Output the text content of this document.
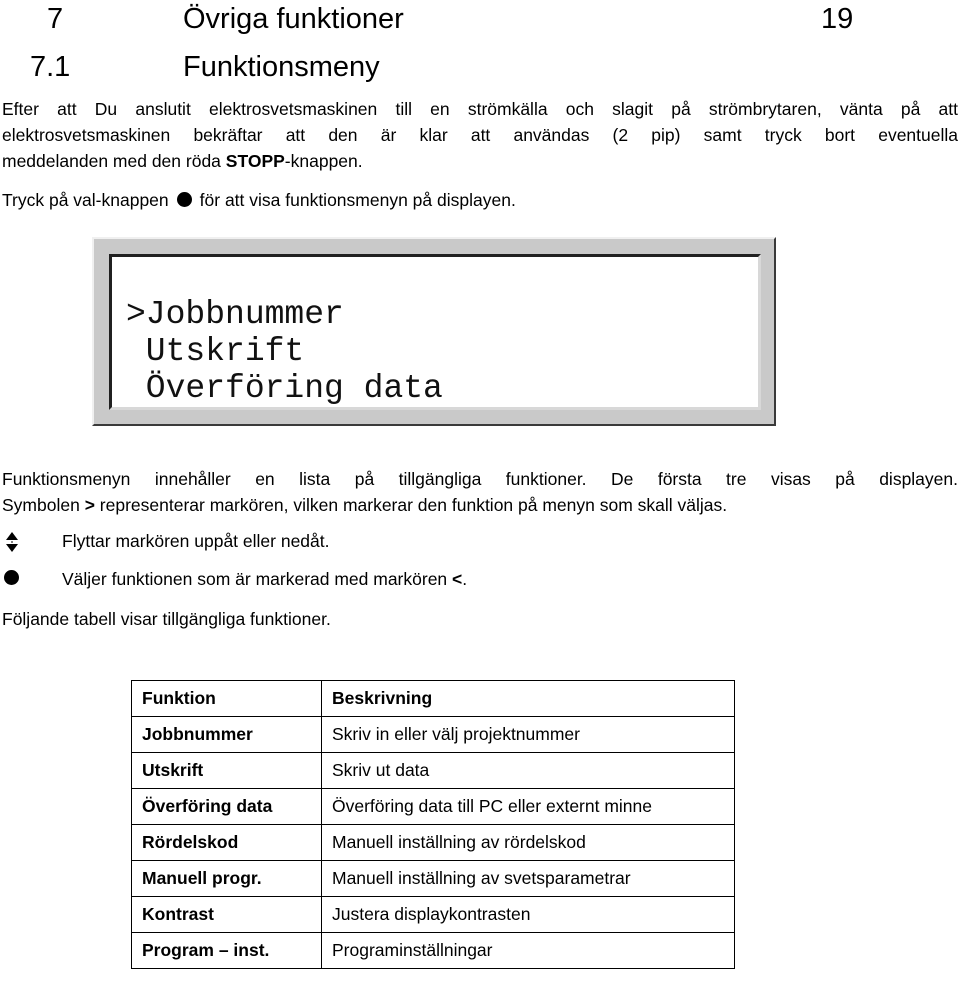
7	Övriga funktioner	19
7.1	Funktionsmeny
Efter att Du anslutit elektrosvetsmaskinen till en strömkälla och slagit på strömbrytaren, vänta på att
elektrosvetsmaskinen bekräftar att den är klar att användas (2 pip) samt tryck bort eventuella
meddelanden med den röda STOPP-knappen.
Tryck på val-knappen för att visa funktionsmenyn på displayen.
>Jobbnummer
Utskrift
Överföring data
Funktionsmenyn innehåller en lista på tillgängliga funktioner. De första tre visas på displayen.
Symbolen > representerar markören, vilken markerar den funktion på menyn som skall väljas.
Flyttar markören uppåt eller nedåt.
Väljer funktionen som är markerad med markören <.
Följande tabell visar tillgängliga funktioner.
Funktion	Beskrivning
Jobbnummer	Skriv in eller välj projektnummer
Utskrift	Skriv ut data
Överföring data	Överföring data till PC eller externt minne
Rördelskod	Manuell inställning av rördelskod
Manuell progr.	Manuell inställning av svetsparametrar
Kontrast	Justera displaykontrasten
Program – inst.	Programinställningar
